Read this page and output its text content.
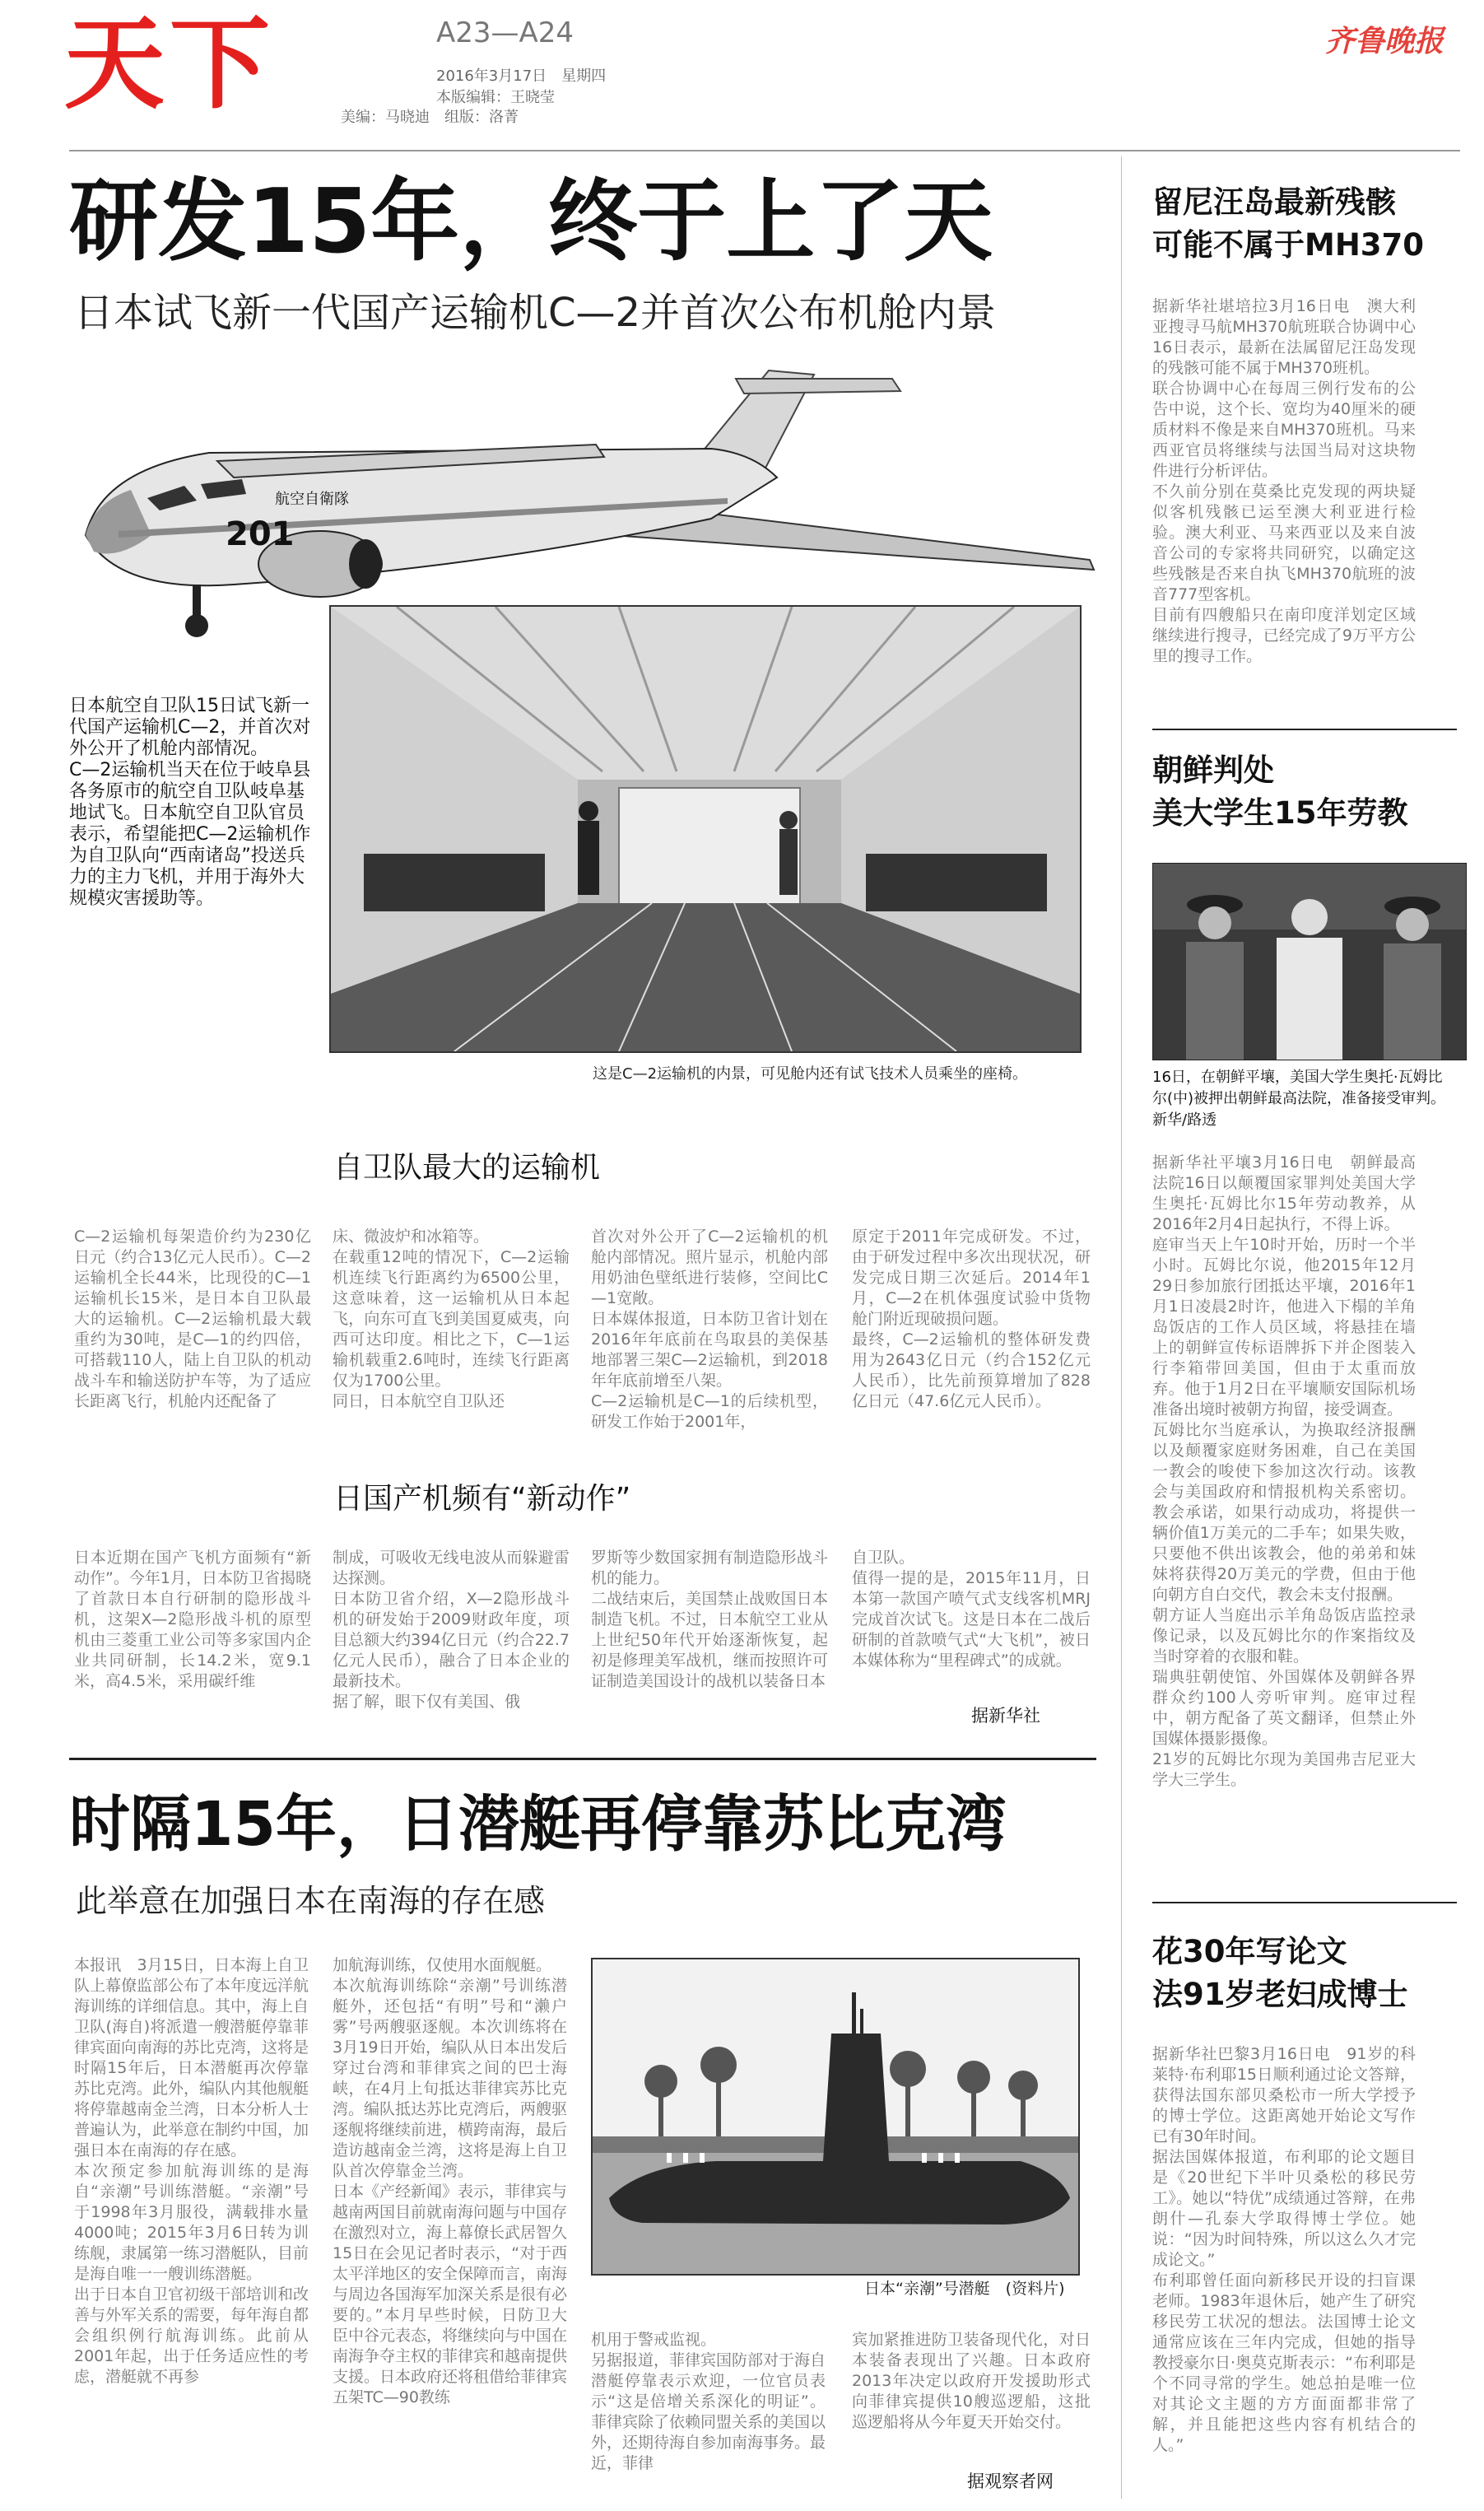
天下	A23—A24
2016年3月17日　星期四
本版编辑：王晓莹
美编：马晓迪　组版：洛菁
齐鲁晚报
研发15年，终于上了天
日本试飞新一代国产运输机C—2并首次公布机舱内景
201
航空自衛隊
日本航空自卫队15日试飞新一代国产运输机C—2，并首次对外公开了机舱内部情况。
C—2运输机当天在位于岐阜县各务原市的航空自卫队岐阜基地试飞。日本航空自卫队官员表示，希望能把C—2运输机作为自卫队向“西南诸岛”投送兵力的主力飞机，并用于海外大规模灾害援助等。
这是C—2运输机的内景，可见舱内还有试飞技术人员乘坐的座椅。
自卫队最大的运输机
C—2运输机每架造价约为230亿日元（约合13亿元人民币）。C—2运输机全长44米，比现役的C—1运输机长15米，是日本自卫队最大的运输机。C—2运输机最大载重约为30吨，是C—1的约四倍，可搭载110人，陆上自卫队的机动战斗车和输送防护车等，为了适应长距离飞行，机舱内还配备了
床、微波炉和冰箱等。
在载重12吨的情况下，C—2运输机连续飞行距离约为6500公里，这意味着，这一运输机从日本起飞，向东可直飞到美国夏威夷，向西可达印度。相比之下，C—1运输机载重2.6吨时，连续飞行距离仅为1700公里。
同日，日本航空自卫队还
首次对外公开了C—2运输机的机舱内部情况。照片显示，机舱内部用奶油色壁纸进行装修，空间比C—1宽敞。
日本媒体报道，日本防卫省计划在2016年年底前在鸟取县的美保基地部署三架C—2运输机，到2018年年底前增至八架。
C—2运输机是C—1的后续机型，研发工作始于2001年，
原定于2011年完成研发。不过，由于研发过程中多次出现状况，研发完成日期三次延后。2014年1月，C—2在机体强度试验中货物舱门附近现破损问题。
最终，C—2运输机的整体研发费用为2643亿日元（约合152亿元人民币），比先前预算增加了828亿日元（47.6亿元人民币）。
日国产机频有“新动作”
日本近期在国产飞机方面频有“新动作”。今年1月，日本防卫省揭晓了首款日本自行研制的隐形战斗机，这架X—2隐形战斗机的原型机由三菱重工业公司等多家国内企业共同研制，长14.2米，宽9.1米，高4.5米，采用碳纤维
制成，可吸收无线电波从而躲避雷达探测。
日本防卫省介绍，X—2隐形战斗机的研发始于2009财政年度，项目总额大约394亿日元（约合22.7亿元人民币），融合了日本企业的最新技术。
据了解，眼下仅有美国、俄
罗斯等少数国家拥有制造隐形战斗机的能力。
二战结束后，美国禁止战败国日本制造飞机。不过，日本航空工业从上世纪50年代开始逐渐恢复，起初是修理美军战机，继而按照许可证制造美国设计的战机以装备日本
自卫队。
值得一提的是，2015年11月，日本第一款国产喷气式支线客机MRJ完成首次试飞。这是日本在二战后研制的首款喷气式“大飞机”，被日本媒体称为“里程碑式”的成就。
据新华社
时隔15年，日潜艇再停靠苏比克湾
此举意在加强日本在南海的存在感
本报讯　3月15日，日本海上自卫队上幕僚监部公布了本年度远洋航海训练的详细信息。其中，海上自卫队(海自)将派遣一艘潜艇停靠菲律宾面向南海的苏比克湾，这将是时隔15年后，日本潜艇再次停靠苏比克湾。此外，编队内其他舰艇将停靠越南金兰湾，日本分析人士普遍认为，此举意在制约中国，加强日本在南海的存在感。
本次预定参加航海训练的是海自“亲潮”号训练潜艇。“亲潮”号于1998年3月服役，满载排水量4000吨；2015年3月6日转为训练舰，隶属第一练习潜艇队，目前是海自唯一一艘训练潜艇。
出于日本自卫官初级干部培训和改善与外军关系的需要，每年海自都会组织例行航海训练。此前从2001年起，出于任务适应性的考虑，潜艇就不再参
加航海训练，仅使用水面舰艇。
本次航海训练除“亲潮”号训练潜艇外，还包括“有明”号和“濑户雾”号两艘驱逐舰。本次训练将在3月19日开始，编队从日本出发后穿过台湾和菲律宾之间的巴士海峡，在4月上旬抵达菲律宾苏比克湾。编队抵达苏比克湾后，两艘驱逐舰将继续前进，横跨南海，最后造访越南金兰湾，这将是海上自卫队首次停靠金兰湾。
日本《产经新闻》表示，菲律宾与越南两国目前就南海问题与中国存在激烈对立，海上幕僚长武居智久15日在会见记者时表示，“对于西太平洋地区的安全保障而言，南海与周边各国海军加深关系是很有必要的。”本月早些时候，日防卫大臣中谷元表态，将继续向与中国在南海争夺主权的菲律宾和越南提供支援。日本政府还将租借给菲律宾五架TC—90教练
日本“亲潮”号潜艇　(资料片)
机用于警戒监视。
另据报道，菲律宾国防部对于海自潜艇停靠表示欢迎，一位官员表示“这是倍增关系深化的明证”。菲律宾除了依赖同盟关系的美国以外，还期待海自参加南海事务。最近，菲律
宾加紧推进防卫装备现代化，对日本装备表现出了兴趣。日本政府2013年决定以政府开发援助形式向菲律宾提供10艘巡逻船，这批巡逻船将从今年夏天开始交付。
据观察者网
留尼汪岛最新残骸
可能不属于MH370
据新华社堪培拉3月16日电　澳大利亚搜寻马航MH370航班联合协调中心16日表示，最新在法属留尼汪岛发现的残骸可能不属于MH370班机。
联合协调中心在每周三例行发布的公告中说，这个长、宽均为40厘米的硬质材料不像是来自MH370班机。马来西亚官员将继续与法国当局对这块物件进行分析评估。
不久前分别在莫桑比克发现的两块疑似客机残骸已运至澳大利亚进行检验。澳大利亚、马来西亚以及来自波音公司的专家将共同研究，以确定这些残骸是否来自执飞MH370航班的波音777型客机。
目前有四艘船只在南印度洋划定区域继续进行搜寻，已经完成了9万平方公里的搜寻工作。
朝鲜判处
美大学生15年劳教
16日，在朝鲜平壤，美国大学生奥托·瓦姆比尔(中)被押出朝鲜最高法院，准备接受审判。　新华/路透
据新华社平壤3月16日电　朝鲜最高法院16日以颠覆国家罪判处美国大学生奥托·瓦姆比尔15年劳动教养，从2016年2月4日起执行，不得上诉。
庭审当天上午10时开始，历时一个半小时。瓦姆比尔说，他2015年12月29日参加旅行团抵达平壤，2016年1月1日凌晨2时许，他进入下榻的羊角岛饭店的工作人员区域，将悬挂在墙上的朝鲜宣传标语牌拆下并企图装入行李箱带回美国，但由于太重而放弃。他于1月2日在平壤顺安国际机场准备出境时被朝方拘留，接受调查。
瓦姆比尔当庭承认，为换取经济报酬以及颠覆家庭财务困难，自己在美国一教会的唆使下参加这次行动。该教会与美国政府和情报机构关系密切。教会承诺，如果行动成功，将提供一辆价值1万美元的二手车；如果失败，只要他不供出该教会，他的弟弟和妹妹将获得20万美元的学费，但由于他向朝方自白交代，教会未支付报酬。
朝方证人当庭出示羊角岛饭店监控录像记录，以及瓦姆比尔的作案指纹及当时穿着的衣服和鞋。
瑞典驻朝使馆、外国媒体及朝鲜各界群众约100人旁听审判。庭审过程中，朝方配备了英文翻译，但禁止外国媒体摄影摄像。
21岁的瓦姆比尔现为美国弗吉尼亚大学大三学生。
花30年写论文
法91岁老妇成博士
据新华社巴黎3月16日电　91岁的科莱特·布利耶15日顺利通过论文答辩，获得法国东部贝桑松市一所大学授予的博士学位。这距离她开始论文写作已有30年时间。
据法国媒体报道，布利耶的论文题目是《20世纪下半叶贝桑松的移民劳工》。她以“特优”成绩通过答辩，在弗朗什—孔泰大学取得博士学位。她说：“因为时间特殊，所以这么久才完成论文。”
布利耶曾任面向新移民开设的扫盲课老师。1983年退休后，她产生了研究移民劳工状况的想法。法国博士论文通常应该在三年内完成，但她的指导教授豪尔日·奥莫克斯表示：“布利耶是个不同寻常的学生。她总拍是唯一位对其论文主题的方方面面都非常了解，并且能把这些内容有机结合的人。”
